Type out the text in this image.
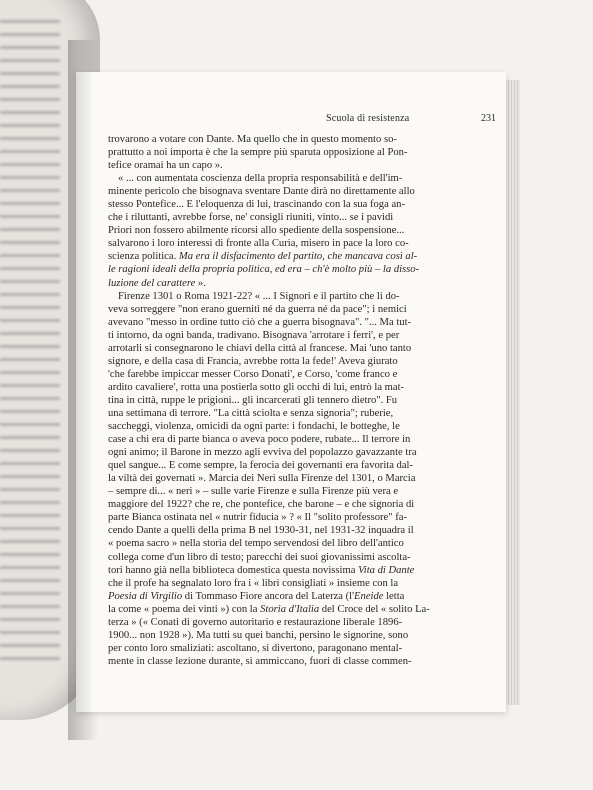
Scuola di resistenza	231
trovarono a votare con Dante. Ma quello che in questo momento so-
prattutto a noi importa è che la sempre più sparuta opposizione al Pon-
tefice oramai ha un capo ».
« ... con aumentata coscienza della propria responsabilità e dell'im-
minente pericolo che bisognava sventare Dante dirà no direttamente allo
stesso Pontefice... E l'eloquenza di lui, trascinando con la sua foga an-
che i riluttanti, avrebbe forse, ne' consigli riuniti, vinto... se i pavidi
Priori non fossero abilmente ricorsi allo spediente della sospensione...
salvarono i loro interessi di fronte alla Curia, misero in pace la loro co-
scienza politica. Ma era il disfacimento del partito, che mancava così al-
le ragioni ideali della propria politica, ed era – ch'è molto più – la disso-
luzione del carattere ».
Firenze 1301 o Roma 1921-22? « ... I Signori e il partito che li do-
veva sorreggere "non erano guerniti né da guerra né da pace"; i nemici
avevano "messo in ordine tutto ciò che a guerra bisognava". "... Ma tut-
ti intorno, da ogni banda, tradivano. Bisognava 'arrotare i ferri', e per
arrotarli si consegnarono le chiavi della città al francese. Mai 'uno tanto
signore, e della casa di Francia, avrebbe rotta la fede!' Aveva giurato
'che farebbe impiccar messer Corso Donati', e Corso, 'come franco e
ardito cavaliere', rotta una postierla sotto gli occhi di lui, entrò la mat-
tina in città, ruppe le prigioni... gli incarcerati gli tennero dietro". Fu
una settimana di terrore. "La città sciolta e senza signoria"; ruberie,
saccheggi, violenza, omicidi da ogni parte: i fondachi, le botteghe, le
case a chi era di parte bianca o aveva poco podere, rubate... Il terrore in
ogni animo; il Barone in mezzo agli evviva del popolazzo gavazzante tra
quel sangue... E come sempre, la ferocia dei governanti era favorita dal-
la viltà dei governati ». Marcia dei Neri sulla Firenze del 1301, o Marcia
– sempre di... « neri » – sulle varie Firenze e sulla Firenze più vera e
maggiore del 1922? che re, che pontefice, che barone – e che signoria di
parte Bianca ostinata nel « nutrir fiducia » ? « Il "solito professore" fa-
cendo Dante a quelli della prima B nel 1930-31, nel 1931-32 inquadra il
« poema sacro » nella storia del tempo servendosi del libro dell'antico
collega come d'un libro di testo; parecchi dei suoi giovanissimi ascolta-
tori hanno già nella biblioteca domestica questa novissima Vita di Dante
che il profe ha segnalato loro fra i « libri consigliati » insieme con la
Poesia di Virgilio di Tommaso Fiore ancora del Laterza (l'Eneide letta
la come « poema dei vinti ») con la Storia d'Italia del Croce del « solito La-
terza » (« Conati di governo autoritario e restaurazione liberale 1896-
1900... non 1928 »). Ma tutti su quei banchi, persino le signorine, sono
per conto loro smaliziati: ascoltano, si divertono, paragonano mental-
mente in classe lezione durante, si ammiccano, fuori di classe commen-
